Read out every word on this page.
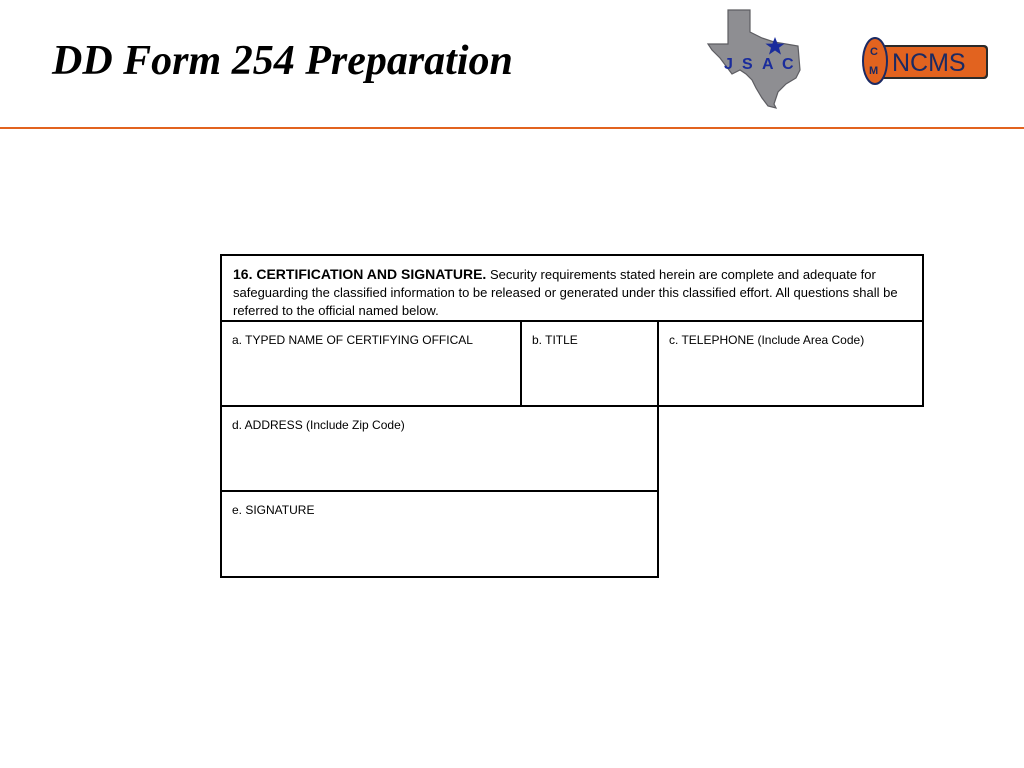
DD Form 254 Preparation	J S A C	NCMS
C
M
16. CERTIFICATION AND SIGNATURE. Security requirements stated herein are complete and adequate for safeguarding the classified information to be released or generated under this classified effort. All questions shall be referred to the official named below.
a. TYPED NAME OF CERTIFYING OFFICAL	b. TITLE	c. TELEPHONE (Include Area Code)
d. ADDRESS (Include Zip Code)
e. SIGNATURE
